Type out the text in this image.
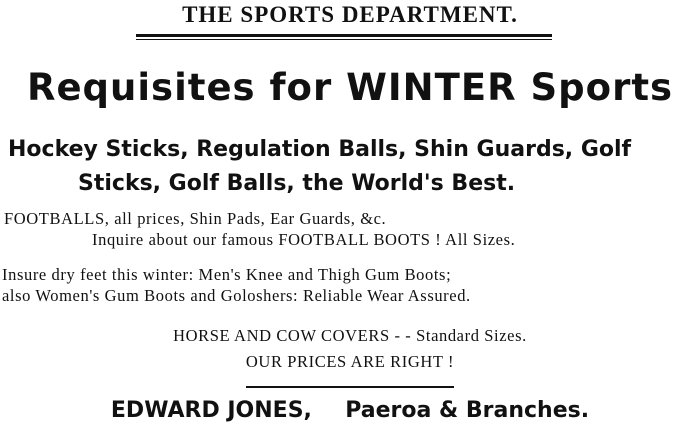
THE SPORTS DEPARTMENT.
Requisites for WINTER Sports
Hockey Sticks, Regulation Balls, Shin Guards, Golf
Sticks, Golf Balls, the World's Best.
FOOTBALLS, all prices, Shin Pads, Ear Guards, &c.
Inquire about our famous FOOTBALL BOOTS ! All Sizes.
Insure dry feet this winter: Men's Knee and Thigh Gum Boots;
also Women's Gum Boots and Goloshers: Reliable Wear Assured.
HORSE AND COW COVERS - - Standard Sizes.
OUR PRICES ARE RIGHT !
EDWARD JONES, Paeroa & Branches.
